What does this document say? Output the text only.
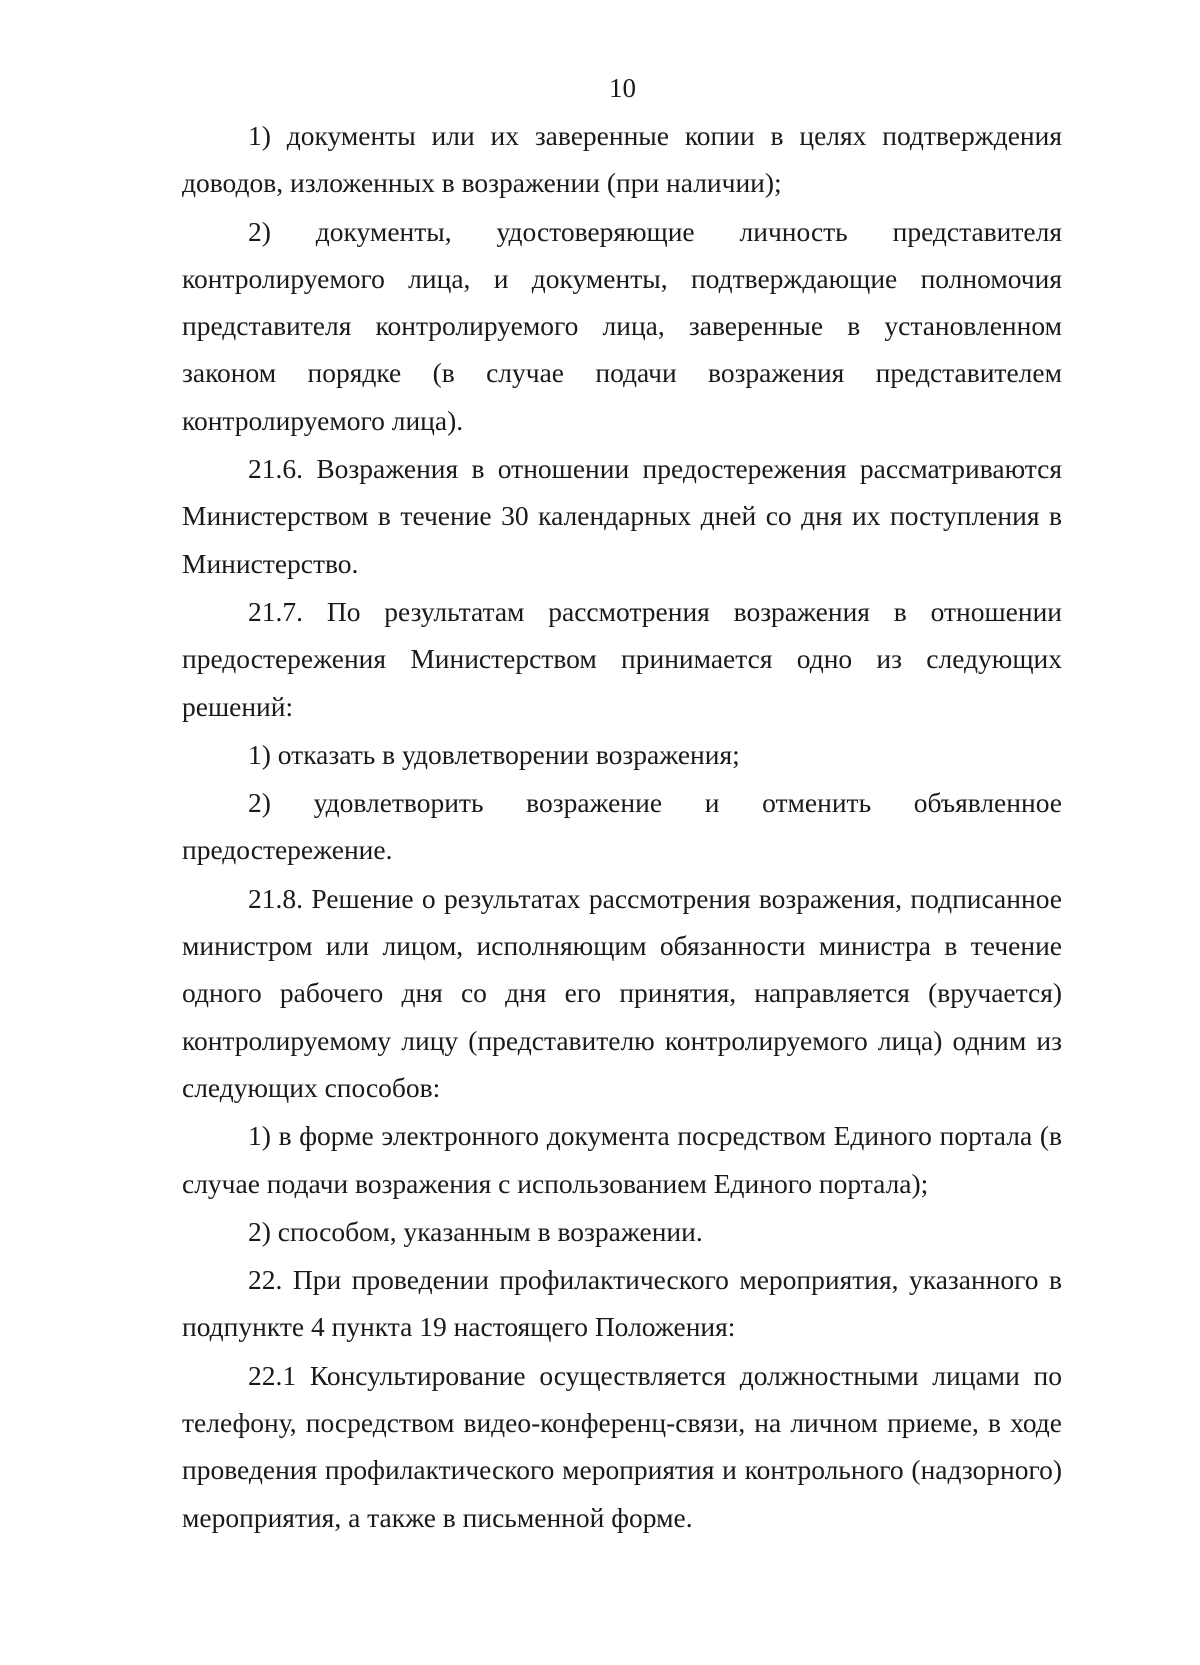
10

1) документы или их заверенные копии в целях подтверждения доводов, изложенных в возражении (при наличии);

2) документы, удостоверяющие личность представителя контролируемого лица, и документы, подтверждающие полномочия представителя контролируемого лица, заверенные в установленном законом порядке (в случае подачи возражения представителем контролируемого лица).

21.6. Возражения в отношении предостережения рассматриваются Министерством в течение 30 календарных дней со дня их поступления в Министерство.

21.7. По результатам рассмотрения возражения в отношении предостережения Министерством принимается одно из следующих решений:

1) отказать в удовлетворении возражения;

2) удовлетворить возражение и отменить объявленное предостережение.

21.8. Решение о результатах рассмотрения возражения, подписанное министром или лицом, исполняющим обязанности министра в течение одного рабочего дня со дня его принятия, направляется (вручается) контролируемому лицу (представителю контролируемого лица) одним из следующих способов:

1) в форме электронного документа посредством Единого портала (в случае подачи возражения с использованием Единого портала);

2) способом, указанным в возражении.

22. При проведении профилактического мероприятия, указанного в подпункте 4 пункта 19 настоящего Положения:

22.1 Консультирование осуществляется должностными лицами по телефону, посредством видео-конференц-связи, на личном приеме, в ходе проведения профилактического мероприятия и контрольного (надзорного) мероприятия, а также в письменной форме.
